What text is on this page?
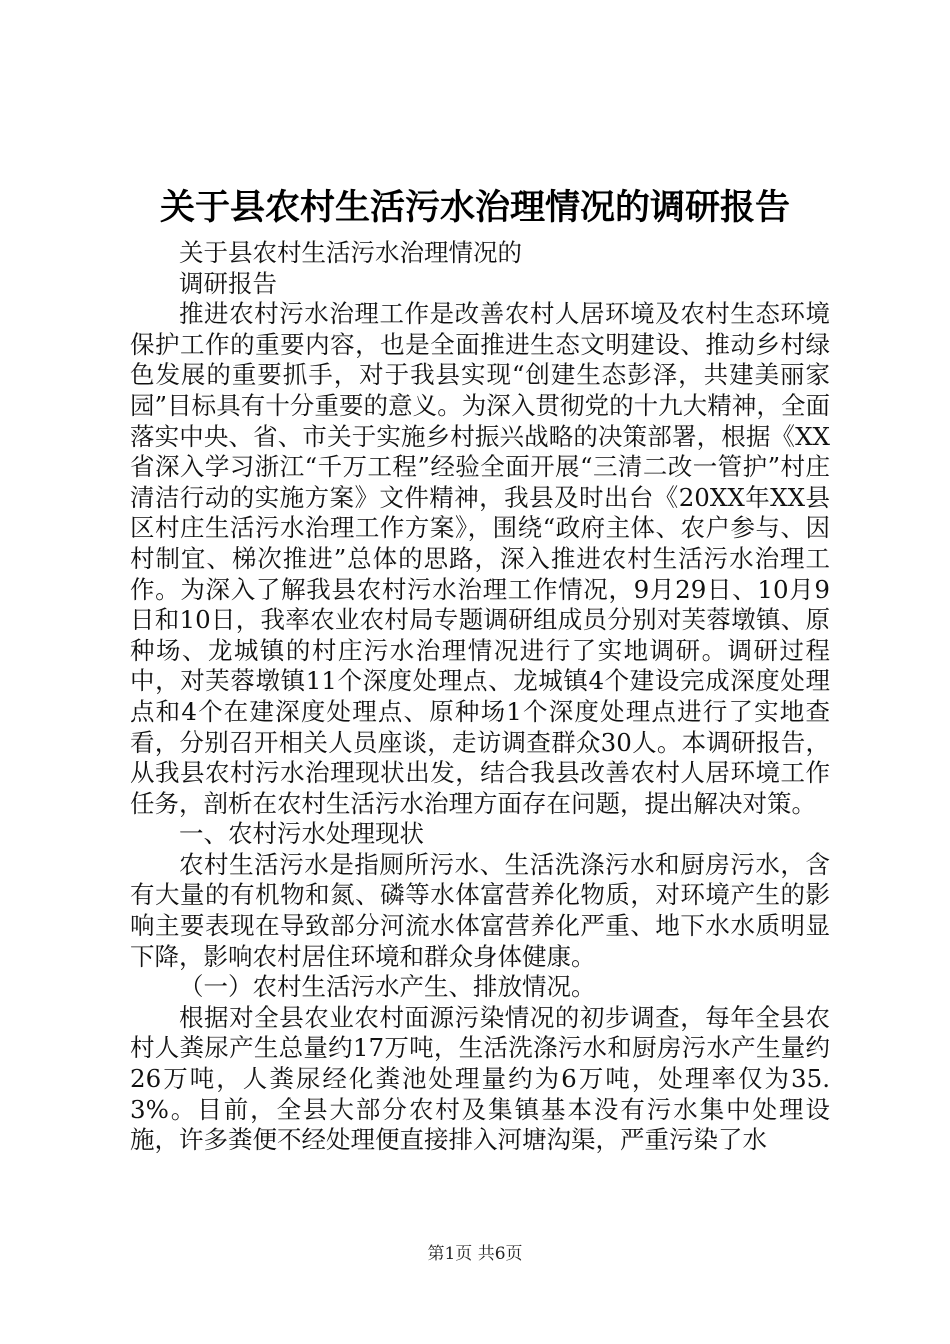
关于县农村生活污水治理情况的调研报告

关于县农村生活污水治理情况的

调研报告

推进农村污水治理工作是改善农村人居环境及农村生态环境保护工作的重要内容，也是全面推进生态文明建设、推动乡村绿色发展的重要抓手，对于我县实现“创建生态彭泽，共建美丽家园”目标具有十分重要的意义。为深入贯彻党的十九大精神，全面落实中央、省、市关于实施乡村振兴战略的决策部署，根据《XX省深入学习浙江“千万工程”经验全面开展“三清二改一管护”村庄清洁行动的实施方案》文件精神，我县及时出台《20XX年XX县区村庄生活污水治理工作方案》，围绕“政府主体、农户参与、因村制宜、梯次推进”总体的思路，深入推进农村生活污水治理工作。为深入了解我县农村污水治理工作情况，9月29日、10月9日和10日，我率农业农村局专题调研组成员分别对芙蓉墩镇、原种场、龙城镇的村庄污水治理情况进行了实地调研。调研过程中，对芙蓉墩镇11个深度处理点、龙城镇4个建设完成深度处理点和4个在建深度处理点、原种场1个深度处理点进行了实地查看，分别召开相关人员座谈，走访调查群众30人。本调研报告，从我县农村污水治理现状出发，结合我县改善农村人居环境工作任务，剖析在农村生活污水治理方面存在问题，提出解决对策。

一、农村污水处理现状

农村生活污水是指厕所污水、生活洗涤污水和厨房污水，含有大量的有机物和氮、磷等水体富营养化物质，对环境产生的影响主要表现在导致部分河流水体富营养化严重、地下水水质明显下降，影响农村居住环境和群众身体健康。

（一）农村生活污水产生、排放情况。

根据对全县农业农村面源污染情况的初步调查，每年全县农村人粪尿产生总量约17万吨，生活洗涤污水和厨房污水产生量约26万吨，人粪尿经化粪池处理量约为6万吨，处理率仅为35.3%。目前，全县大部分农村及集镇基本没有污水集中处理设施，许多粪便不经处理便直接排入河塘沟渠，严重污染了水

第1页 共6页
